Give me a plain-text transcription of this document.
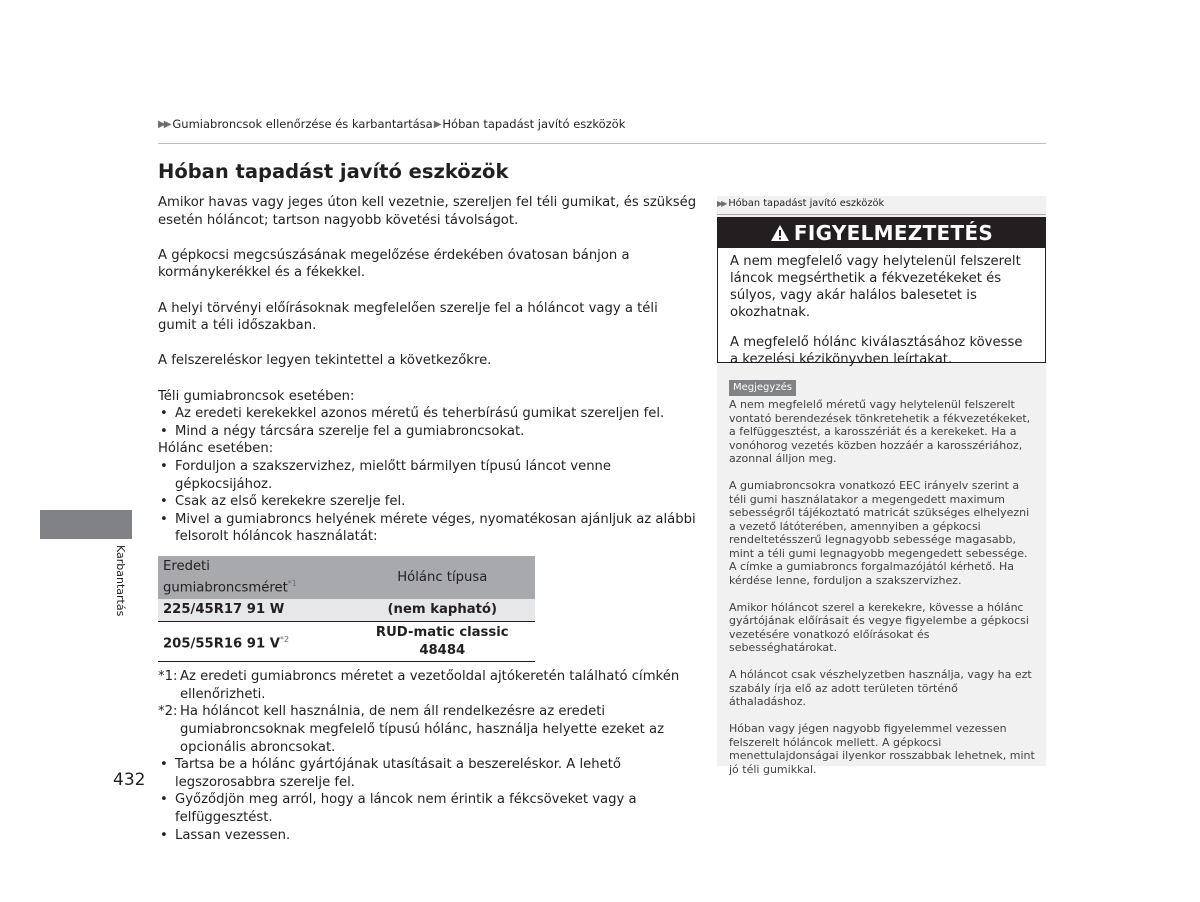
▶▶ Gumiabroncsok ellenőrzése és karbantartása ▶ Hóban tapadást javító eszközök
Hóban tapadást javító eszközök

Amikor havas vagy jeges úton kell vezetnie, szereljen fel téli gumikat, és szükség esetén hóláncot; tartson nagyobb követési távolságot.

A gépkocsi megcsúszásának megelőzése érdekében óvatosan bánjon a kormánykerékkel és a fékekkel.

A helyi törvényi előírásoknak megfelelően szerelje fel a hóláncot vagy a téli gumit a téli időszakban.

A felszereléskor legyen tekintettel a következőkre.

Téli gumiabroncsok esetében:
• Az eredeti kerekekkel azonos méretű és teherbírású gumikat szereljen fel.
• Mind a négy tárcsára szerelje fel a gumiabroncsokat.
Hólánc esetében:
• Forduljon a szakszervizhez, mielőtt bármilyen típusú láncot venne gépkocsijához.
• Csak az első kerekekre szerelje fel.
• Mivel a gumiabroncs helyének mérete véges, nyomatékosan ajánljuk az alábbi felsorolt hóláncok használatát:
Eredeti gumiabroncsméret$^{*1}$	Hólánc típusa
225/45R17 91 W	(nem kapható)
205/55R16 91 $V^{*2}$	RUD-matic classic 48484
*1: Az eredeti gumiabroncs méretet a vezetőoldal ajtókeretén található címkén ellenőrizheti.
*2: Ha hóláncot kell használnia, de nem áll rendelkezésre az eredeti gumiabroncsoknak megfelelő típusú hólánc, használja helyette ezeket az opcionális abroncsokat.
• Tartsa be a hólánc gyártójának utasításait a beszereléskor. A lehető legszorosabbra szerelje fel.
• Győződjön meg arról, hogy a láncok nem érintik a fékcsöveket vagy a felfüggesztést.
• Lassan vezessen.
Karbantartás
432
▶▶ Hóban tapadást javító eszközök
FIGYELMEZTETÉS

A nem megfelelő vagy helytelenül felszerelt láncok megsérthetik a fékvezetékeket és súlyos, vagy akár halálos balesetet is okozhatnak.

A megfelelő hólánc kiválasztásához kövesse a kezelési kézikönyvben leírtakat.

Megjegyzés

A nem megfelelő méretű vagy helytelenül felszerelt vontató berendezések tönkretehetik a fékvezetékeket, a felfüggesztést, a karosszériát és a kerekeket. Ha a vonóhorog vezetés közben hozzáér a karosszériához, azonnal álljon meg.

A gumiabroncsokra vonatkozó EEC irányelv szerint a téli gumi használatakor a megengedett maximum sebességről tájékoztató matricát szükséges elhelyezni a vezető látóterében, amennyiben a gépkocsi rendeltetésszerű legnagyobb sebessége magasabb, mint a téli gumi legnagyobb megengedett sebessége. A címke a gumiabroncs forgalmazójától kérhető. Ha kérdése lenne, forduljon a szakszervizhez.

Amikor hóláncot szerel a kerekekre, kövesse a hólánc gyártójának előírásait és vegye figyelembe a gépkocsi vezetésére vonatkozó előírásokat és sebességhatárokat.

A hóláncot csak vészhelyzetben használja, vagy ha ezt szabály írja elő az adott területen történő áthaladáshoz.

Hóban vagy jégen nagyobb figyelemmel vezessen felszerelt hóláncok mellett. A gépkocsi menettulajdonságai ilyenkor rosszabbak lehetnek, mint jó téli gumikkal.
